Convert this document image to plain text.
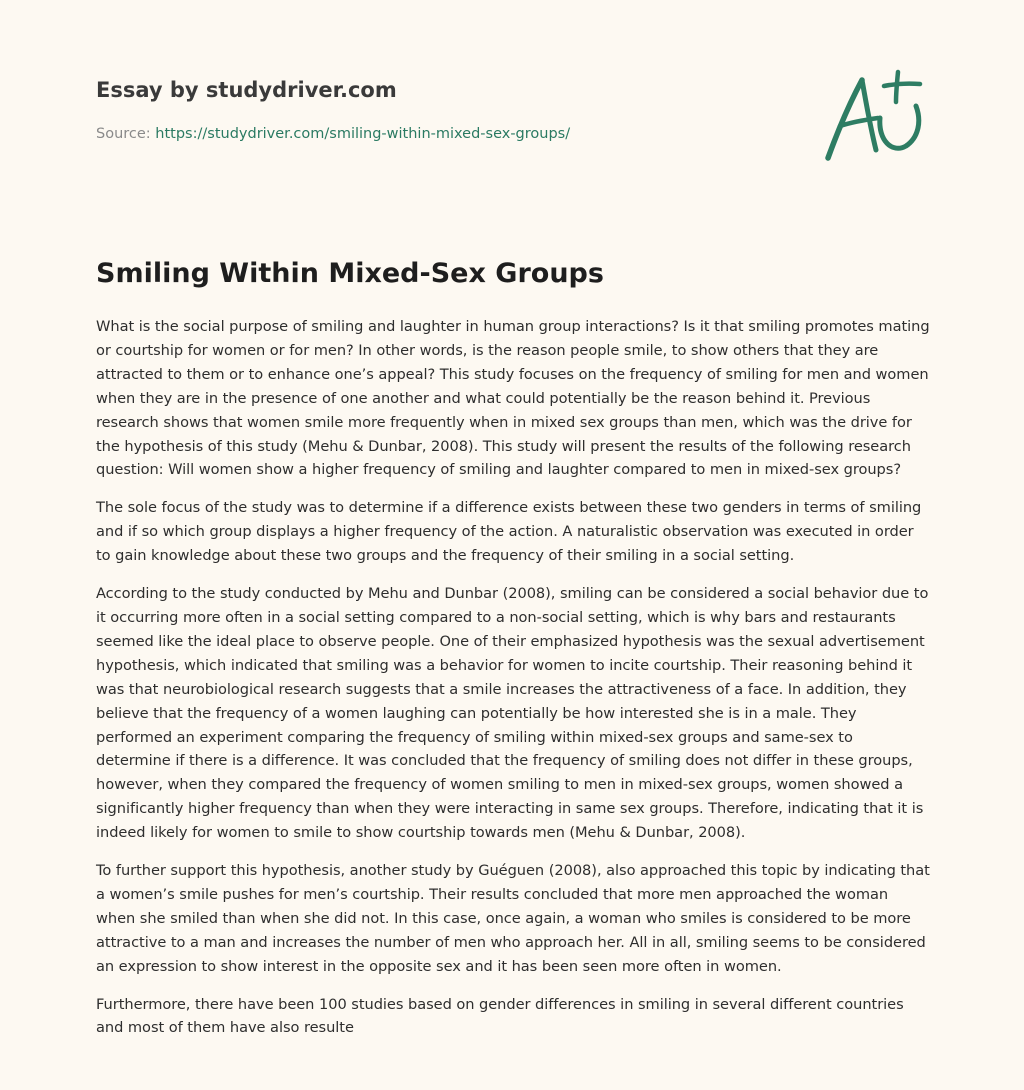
Essay by studydriver.com
Source: https://studydriver.com/smiling-within-mixed-sex-groups/
Smiling Within Mixed-Sex Groups

What is the social purpose of smiling and laughter in human group interactions? Is it that smiling promotes mating or courtship for women or for men? In other words, is the reason people smile, to show others that they are attracted to them or to enhance one’s appeal? This study focuses on the frequency of smiling for men and women when they are in the presence of one another and what could potentially be the reason behind it. Previous research shows that women smile more frequently when in mixed sex groups than men, which was the drive for the hypothesis of this study (Mehu & Dunbar, 2008). This study will present the results of the following research question: Will women show a higher frequency of smiling and laughter compared to men in mixed-sex groups?

The sole focus of the study was to determine if a difference exists between these two genders in terms of smiling and if so which group displays a higher frequency of the action. A naturalistic observation was executed in order to gain knowledge about these two groups and the frequency of their smiling in a social setting.

According to the study conducted by Mehu and Dunbar (2008), smiling can be considered a social behavior due to it occurring more often in a social setting compared to a non-social setting, which is why bars and restaurants seemed like the ideal place to observe people. One of their emphasized hypothesis was the sexual advertisement hypothesis, which indicated that smiling was a behavior for women to incite courtship. Their reasoning behind it was that neurobiological research suggests that a smile increases the attractiveness of a face. In addition, they believe that the frequency of a women laughing can potentially be how interested she is in a male. They performed an experiment comparing the frequency of smiling within mixed-sex groups and same-sex to determine if there is a difference. It was concluded that the frequency of smiling does not differ in these groups, however, when they compared the frequency of women smiling to men in mixed-sex groups, women showed a significantly higher frequency than when they were interacting in same sex groups. Therefore, indicating that it is indeed likely for women to smile to show courtship towards men (Mehu & Dunbar, 2008).

To further support this hypothesis, another study by Guéguen (2008), also approached this topic by indicating that a women’s smile pushes for men’s courtship. Their results concluded that more men approached the woman when she smiled than when she did not. In this case, once again, a woman who smiles is considered to be more attractive to a man and increases the number of men who approach her. All in all, smiling seems to be considered an expression to show interest in the opposite sex and it has been seen more often in women.

Furthermore, there have been 100 studies based on gender differences in smiling in several different countries and most of them have also resulte
